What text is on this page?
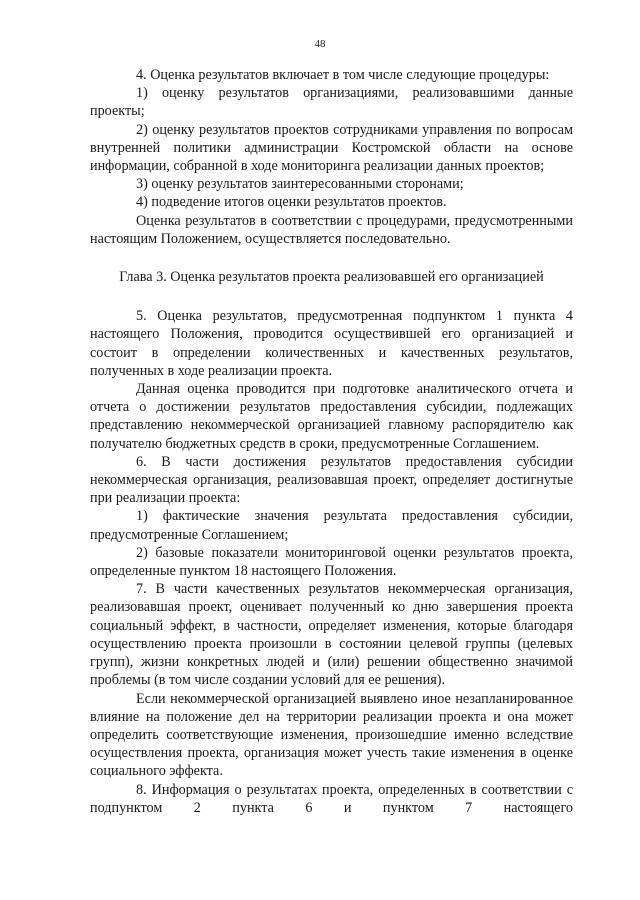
48

4. Оценка результатов включает в том числе следующие процедуры:

1) оценку результатов организациями, реализовавшими данные проекты;

2) оценку результатов проектов сотрудниками управления по вопросам внутренней политики администрации Костромской области на основе информации, собранной в ходе мониторинга реализации данных проектов;

3) оценку результатов заинтересованными сторонами;

4) подведение итогов оценки результатов проектов.

Оценка результатов в соответствии с процедурами, предусмотренными настоящим Положением, осуществляется последовательно.

Глава 3. Оценка результатов проекта реализовавшей его организацией

5. Оценка результатов, предусмотренная подпунктом 1 пункта 4 настоящего Положения, проводится осуществившей его организацией и состоит в определении количественных и качественных результатов, полученных в ходе реализации проекта.

Данная оценка проводится при подготовке аналитического отчета и отчета о достижении результатов предоставления субсидии, подлежащих представлению некоммерческой организацией главному распорядителю как получателю бюджетных средств в сроки, предусмотренные Соглашением.

6. В части достижения результатов предоставления субсидии некоммерческая организация, реализовавшая проект, определяет достигнутые при реализации проекта:

1) фактические значения результата предоставления субсидии, предусмотренные Соглашением;

2) базовые показатели мониторинговой оценки результатов проекта, определенные пунктом 18 настоящего Положения.

7. В части качественных результатов некоммерческая организация, реализовавшая проект, оценивает полученный ко дню завершения проекта социальный эффект, в частности, определяет изменения, которые благодаря осуществлению проекта произошли в состоянии целевой группы (целевых групп), жизни конкретных людей и (или) решении общественно значимой проблемы (в том числе создании условий для ее решения).

Если некоммерческой организацией выявлено иное незапланированное влияние на положение дел на территории реализации проекта и она может определить соответствующие изменения, произошедшие именно вследствие осуществления проекта, организация может учесть такие изменения в оценке социального эффекта.

8. Информация о результатах проекта, определенных в соответствии с подпунктом 2 пункта 6 и пунктом 7 настоящего
